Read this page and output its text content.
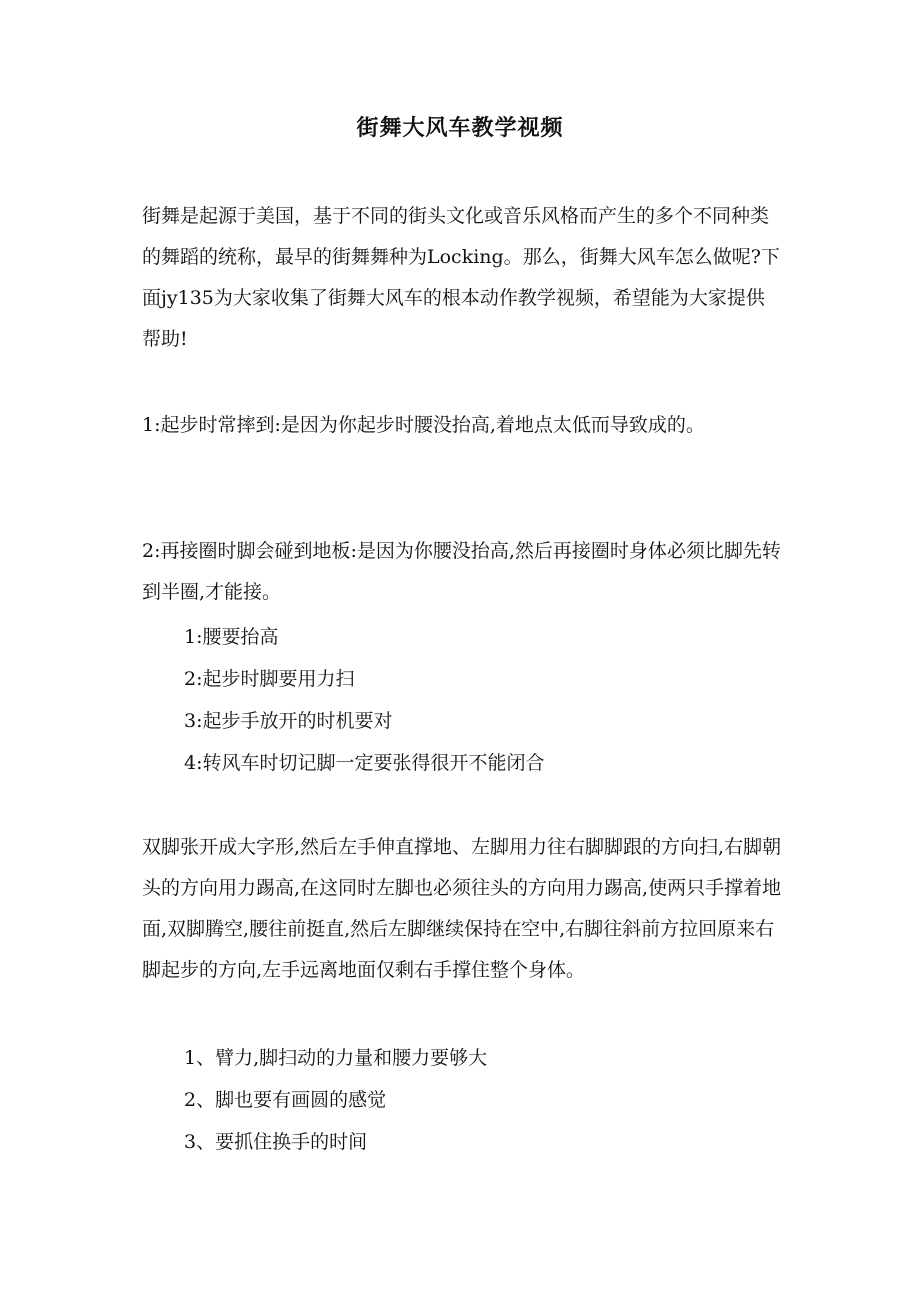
街舞大风车教学视频

街舞是起源于美国，基于不同的街头文化或音乐风格而产生的多个不同种类的舞蹈的统称，最早的街舞舞种为Locking。那么，街舞大风车怎么做呢?下面jy135为大家收集了街舞大风车的根本动作教学视频，希望能为大家提供帮助!

1:起步时常摔到:是因为你起步时腰没抬高,着地点太低而导致成的。

2:再接圈时脚会碰到地板:是因为你腰没抬高,然后再接圈时身体必须比脚先转到半圈,才能接。

1:腰要抬高

2:起步时脚要用力扫

3:起步手放开的时机要对

4:转风车时切记脚一定要张得很开不能闭合

双脚张开成大字形,然后左手伸直撑地、左脚用力往右脚脚跟的方向扫,右脚朝头的方向用力踢高,在这同时左脚也必须往头的方向用力踢高,使两只手撑着地面,双脚腾空,腰往前挺直,然后左脚继续保持在空中,右脚往斜前方拉回原来右脚起步的方向,左手远离地面仅剩右手撑住整个身体。

1、臂力,脚扫动的力量和腰力要够大

2、脚也要有画圆的感觉

3、要抓住换手的时间
